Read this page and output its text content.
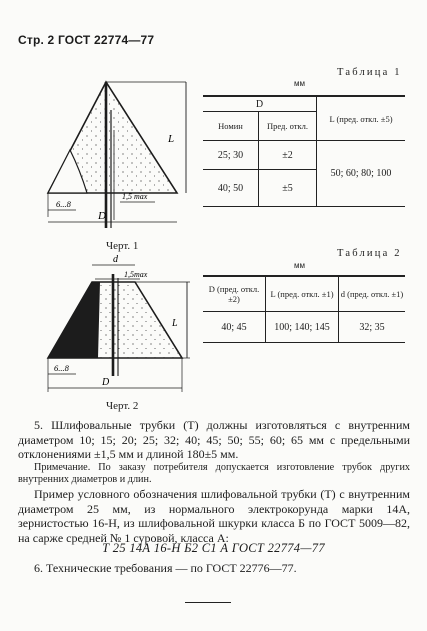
Стр. 2 ГОСТ 22774—77
L
6...8
1,5 max
D
Черт. 1
Таблица 1
мм
D		L (пред. откл. ±5)
Номин	Пред. откл.	
25; 30	±2	50; 60; 80; 100
40; 50	±5	
d
1,5max
L
6...8
D
Черт. 2
Таблица 2
мм
D (пред. откл. ±2)	L (пред. откл. ±1)	d (пред. откл. ±1)
40; 45	100; 140; 145	32; 35
5. Шлифовальные трубки (Т) должны изготовляться с внутренним диаметром 10; 15; 20; 25; 32; 40; 45; 50; 55; 60; 65 мм с предельными отклонениями ±1,5 мм и длиной 180±5 мм.
Примечание. По заказу потребителя допускается изготовление трубок других внутренних диаметров и длин.
Пример условного обозначения шлифовальной трубки (Т) с внутренним диаметром 25 мм, из нормального электрокорунда марки 14А, зернистостью 16-Н, из шлифовальной шкурки класса Б по ГОСТ 5009—82, на саржe средней № 1 суровой, класса А:
Т 25 14А 16-Н Б2 С1 А ГОСТ 22774—77
6. Технические требования — по ГОСТ 22776—77.
